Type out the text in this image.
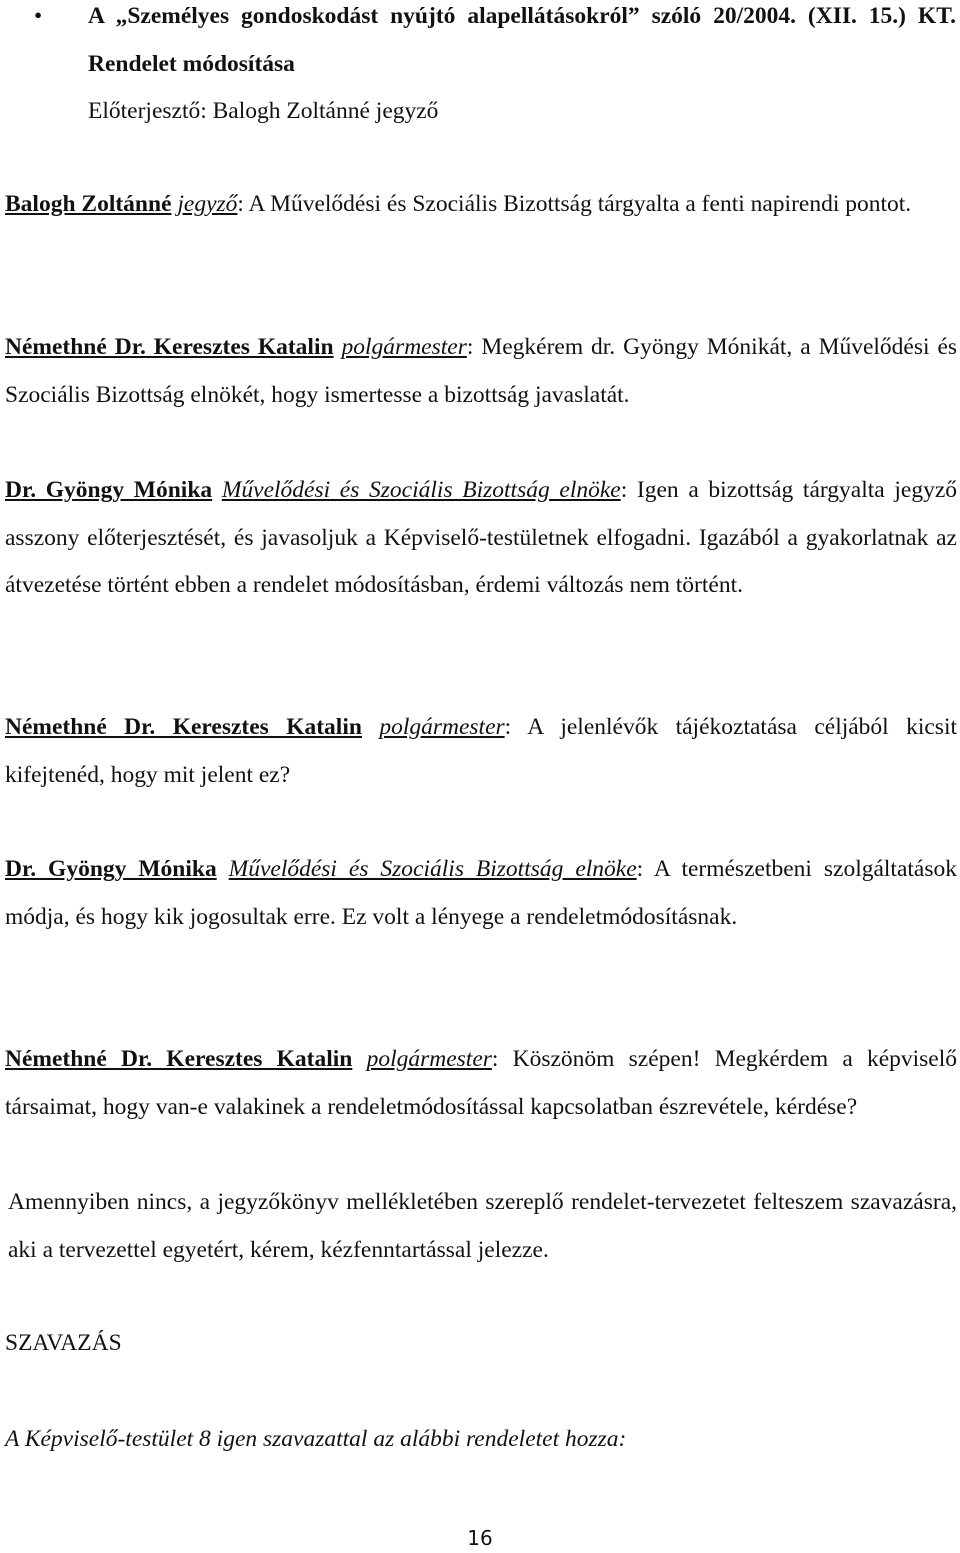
• A „Személyes gondoskodást nyújtó alapellátásokról” szóló 20/2004. (XII. 15.) KT. Rendelet módosítása
Előterjesztő: Balogh Zoltánné jegyző
Balogh Zoltánné jegyző: A Művelődési és Szociális Bizottság tárgyalta a fenti napirendi pontot.
Némethné Dr. Keresztes Katalin polgármester: Megkérem dr. Gyöngy Mónikát, a Művelődési és Szociális Bizottság elnökét, hogy ismertesse a bizottság javaslatát.
Dr. Gyöngy Mónika Művelődési és Szociális Bizottság elnöke: Igen a bizottság tárgyalta jegyző asszony előterjesztését, és javasoljuk a Képviselő-testületnek elfogadni. Igazából a gyakorlatnak az átvezetése történt ebben a rendelet módosításban, érdemi változás nem történt.
Némethné Dr. Keresztes Katalin polgármester: A jelenlévők tájékoztatása céljából kicsit kifejtenéd, hogy mit jelent ez?
Dr. Gyöngy Mónika Művelődési és Szociális Bizottság elnöke: A természetbeni szolgáltatások módja, és hogy kik jogosultak erre. Ez volt a lényege a rendeletmódosításnak.
Némethné Dr. Keresztes Katalin polgármester: Köszönöm szépen! Megkérdem a képviselő társaimat, hogy van-e valakinek a rendeletmódosítással kapcsolatban észrevétele, kérdése?
Amennyiben nincs, a jegyzőkönyv mellékletében szereplő rendelet-tervezetet felteszem szavazásra, aki a tervezettel egyetért, kérem, kézfenntartással jelezze.
SZAVAZÁS
A Képviselő-testület 8 igen szavazattal az alábbi rendeletet hozza:
16
